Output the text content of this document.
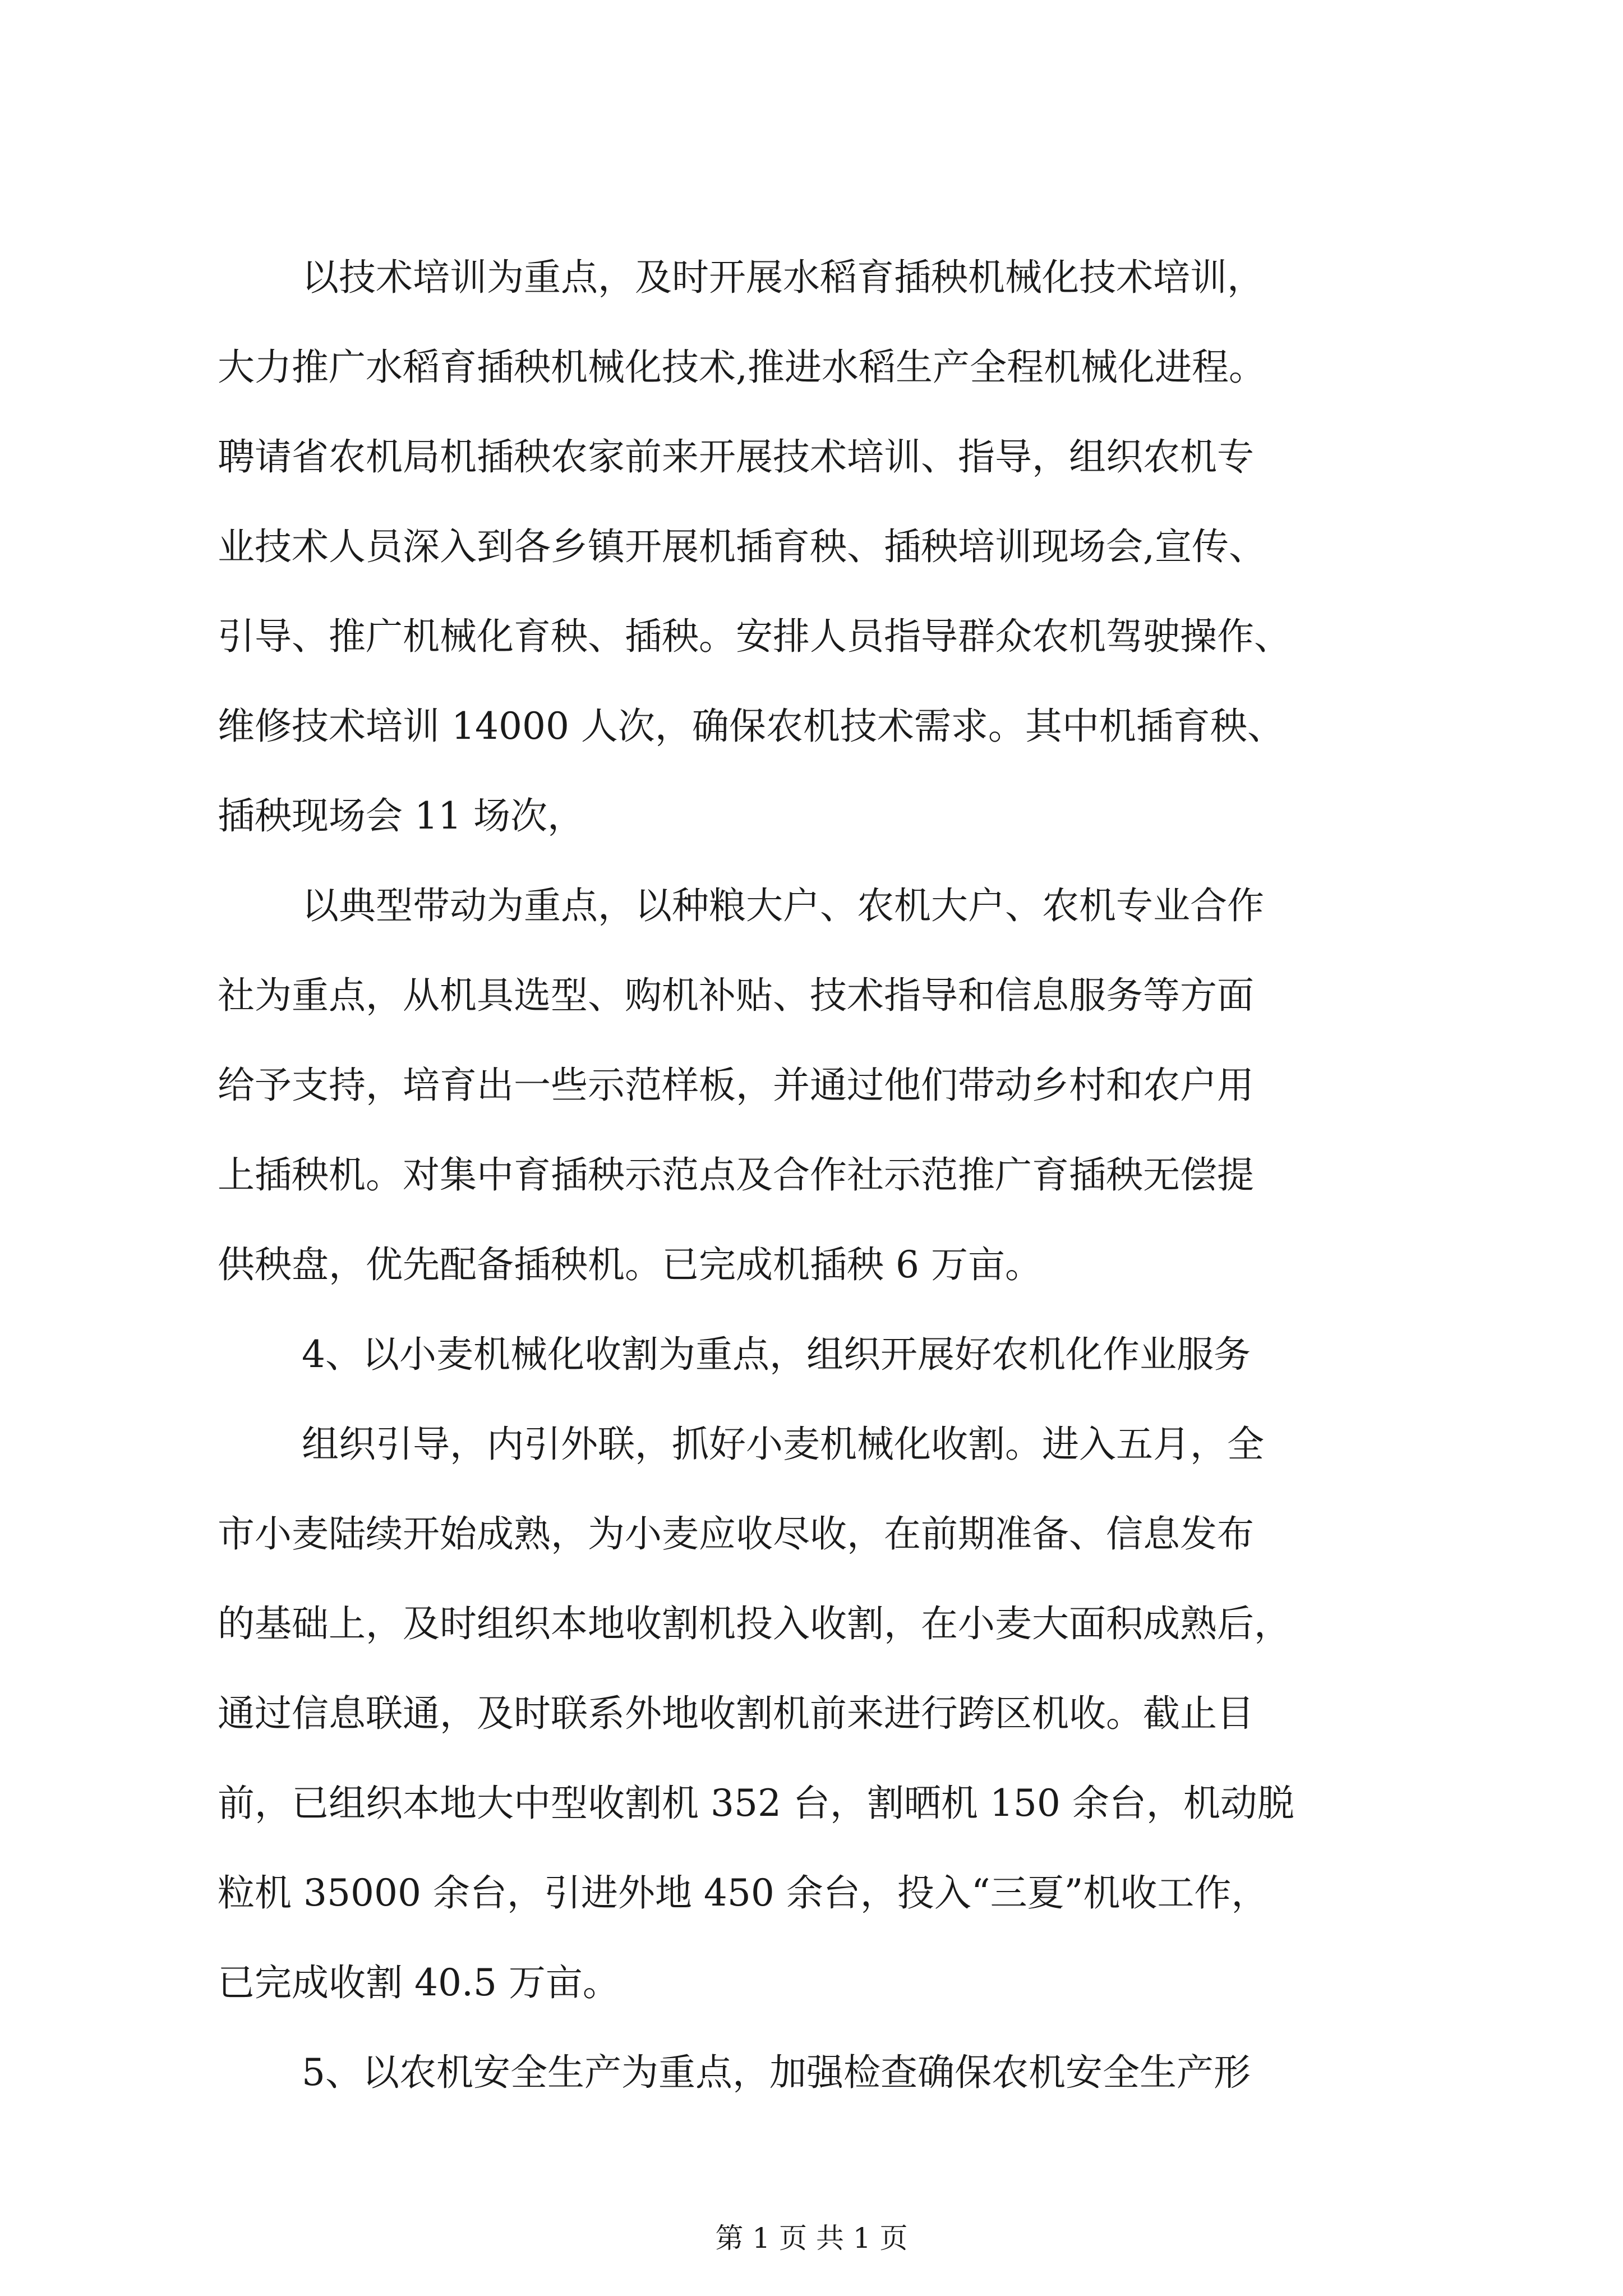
以技术培训为重点，及时开展水稻育插秧机械化技术培训，
大力推广水稻育插秧机械化技术,推进水稻生产全程机械化进程。
聘请省农机局机插秧农家前来开展技术培训、指导，组织农机专
业技术人员深入到各乡镇开展机插育秧、插秧培训现场会,宣传、
引导、推广机械化育秧、插秧。安排人员指导群众农机驾驶操作、
维修技术培训 14000 人次，确保农机技术需求。其中机插育秧、
插秧现场会 11 场次，
以典型带动为重点，以种粮大户、农机大户、农机专业合作
社为重点，从机具选型、购机补贴、技术指导和信息服务等方面
给予支持，培育出一些示范样板，并通过他们带动乡村和农户用
上插秧机。对集中育插秧示范点及合作社示范推广育插秧无偿提
供秧盘，优先配备插秧机。已完成机插秧 6 万亩。
4、以小麦机械化收割为重点，组织开展好农机化作业服务
组织引导，内引外联，抓好小麦机械化收割。进入五月，全
市小麦陆续开始成熟，为小麦应收尽收，在前期准备、信息发布
的基础上，及时组织本地收割机投入收割，在小麦大面积成熟后，
通过信息联通，及时联系外地收割机前来进行跨区机收。截止目
前，已组织本地大中型收割机 352 台，割晒机 150 余台，机动脱
粒机 35000 余台，引进外地 450 余台，投入“三夏”机收工作，
已完成收割 40.5 万亩。
5、以农机安全生产为重点，加强检查确保农机安全生产形
第 1 页 共 1 页
